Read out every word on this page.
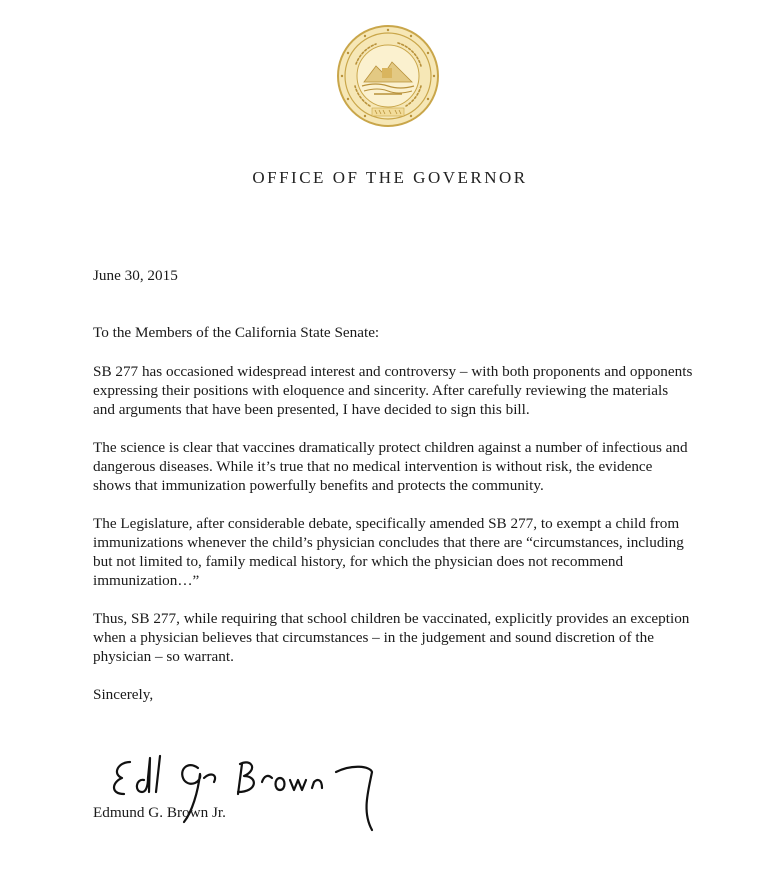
OFFICE OF THE GOVERNOR

June 30, 2015

To the Members of the California State Senate:

SB 277 has occasioned widespread interest and controversy – with both proponents and opponents expressing their positions with eloquence and sincerity. After carefully reviewing the materials and arguments that have been presented, I have decided to sign this bill.

The science is clear that vaccines dramatically protect children against a number of infectious and dangerous diseases. While it’s true that no medical intervention is without risk, the evidence shows that immunization powerfully benefits and protects the community.

The Legislature, after considerable debate, specifically amended SB 277, to exempt a child from immunizations whenever the child’s physician concludes that there are “circumstances, including but not limited to, family medical history, for which the physician does not recommend immunization…”

Thus, SB 277, while requiring that school children be vaccinated, explicitly provides an exception when a physician believes that circumstances – in the judgement and sound discretion of the physician – so warrant.

Sincerely,

Edmund G. Brown Jr.
